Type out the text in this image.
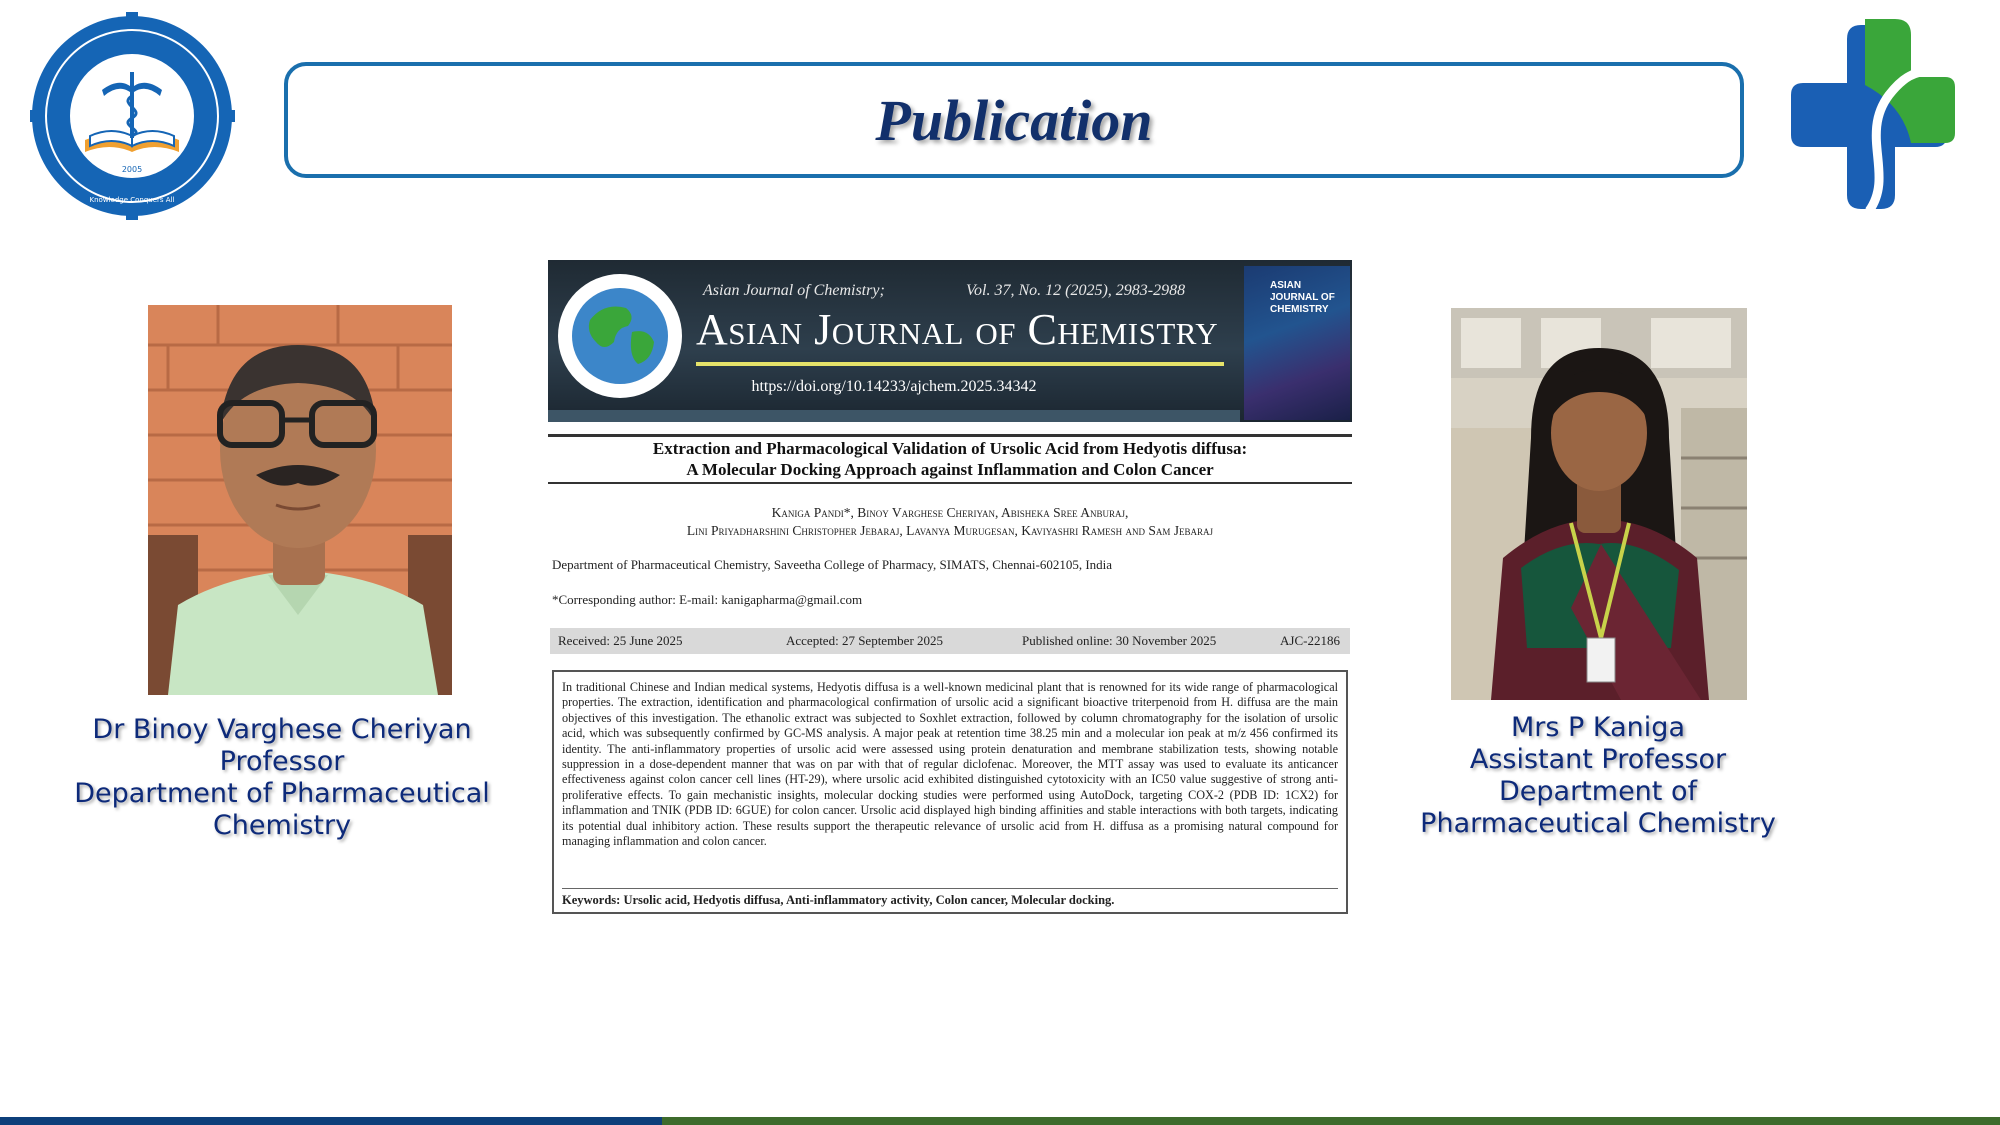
2005
Knowledge Conquers All
Publication
Dr Binoy Varghese Cheriyan
Professor
Department of Pharmaceutical
Chemistry
Mrs P Kaniga
Assistant Professor
Department of
Pharmaceutical Chemistry
Asian Journal of Chemistry;	Vol. 37, No. 12 (2025), 2983-2988
Asian Journal of Chemistry
https://doi.org/10.14233/ajchem.2025.34342
ASIAN JOURNAL OF CHEMISTRY
Extraction and Pharmacological Validation of Ursolic Acid from Hedyotis diffusa:
A Molecular Docking Approach against Inflammation and Colon Cancer
Kaniga Pandi*, Binoy Varghese Cheriyan, Abisheka Sree Anburaj,
Lini Priyadharshini Christopher Jebaraj, Lavanya Murugesan, Kaviyashri Ramesh and Sam Jebaraj
Department of Pharmaceutical Chemistry, Saveetha College of Pharmacy, SIMATS, Chennai-602105, India
*Corresponding author: E-mail: kanigapharma@gmail.com
Received: 25 June 2025	Accepted: 27 September 2025	Published online: 30 November 2025	AJC-22186
In traditional Chinese and Indian medical systems, Hedyotis diffusa is a well-known medicinal plant that is renowned for its wide range of pharmacological properties. The extraction, identification and pharmacological confirmation of ursolic acid a significant bioactive triterpenoid from H. diffusa are the main objectives of this investigation. The ethanolic extract was subjected to Soxhlet extraction, followed by column chromatography for the isolation of ursolic acid, which was subsequently confirmed by GC-MS analysis. A major peak at retention time 38.25 min and a molecular ion peak at m/z 456 confirmed its identity. The anti-inflammatory properties of ursolic acid were assessed using protein denaturation and membrane stabilization tests, showing notable suppression in a dose-dependent manner that was on par with that of regular diclofenac. Moreover, the MTT assay was used to evaluate its anticancer effectiveness against colon cancer cell lines (HT-29), where ursolic acid exhibited distinguished cytotoxicity with an IC50 value suggestive of strong anti-proliferative effects. To gain mechanistic insights, molecular docking studies were performed using AutoDock, targeting COX-2 (PDB ID: 1CX2) for inflammation and TNIK (PDB ID: 6GUE) for colon cancer. Ursolic acid displayed high binding affinities and stable interactions with both targets, indicating its potential dual inhibitory action. These results support the therapeutic relevance of ursolic acid from H. diffusa as a promising natural compound for managing inflammation and colon cancer.
Keywords: Ursolic acid, Hedyotis diffusa, Anti-inflammatory activity, Colon cancer, Molecular docking.
